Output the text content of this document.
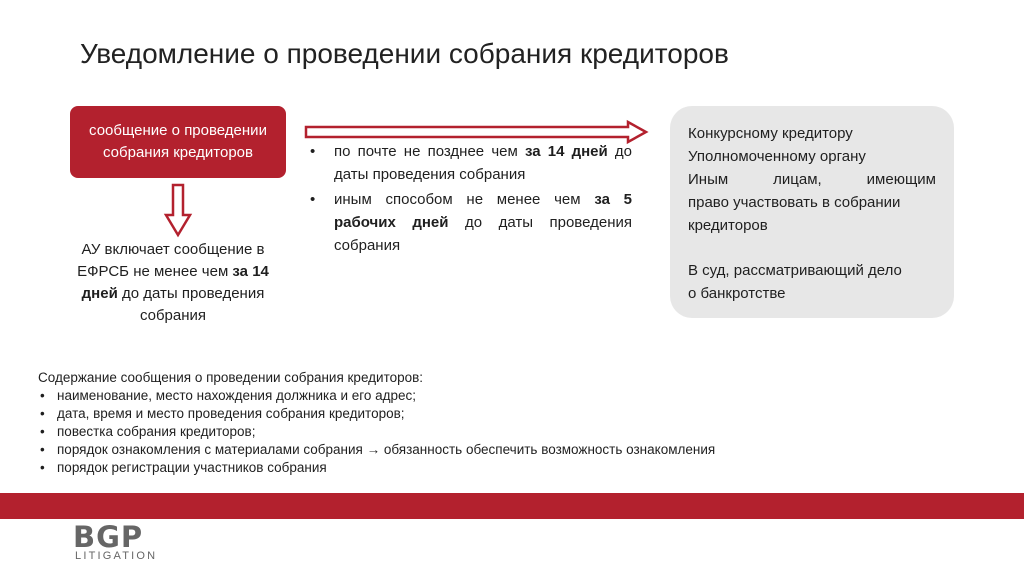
Уведомление о проведении собрания кредиторов
сообщение о проведении собрания кредиторов
АУ включает сообщение в ЕФРСБ не менее чем за 14 дней до даты проведения собрания
• по почте не позднее чем за 14 дней до даты проведения собрания
• иным способом не менее чем за 5 рабочих дней до даты проведения собрания
Конкурсному кредитору
Уполномоченному органу
Иным лицам, имеющим
право участвовать в собрании
кредиторов
В суд, рассматривающий дело
о банкротстве
Содержание сообщения о проведении собрания кредиторов:
• наименование, место нахождения должника и его адрес;
• дата, время и место проведения собрания кредиторов;
• повестка собрания кредиторов;
• порядок ознакомления с материалами собрания → обязанность обеспечить возможность ознакомления
• порядок регистрации участников собрания
BGP
LITIGATION
